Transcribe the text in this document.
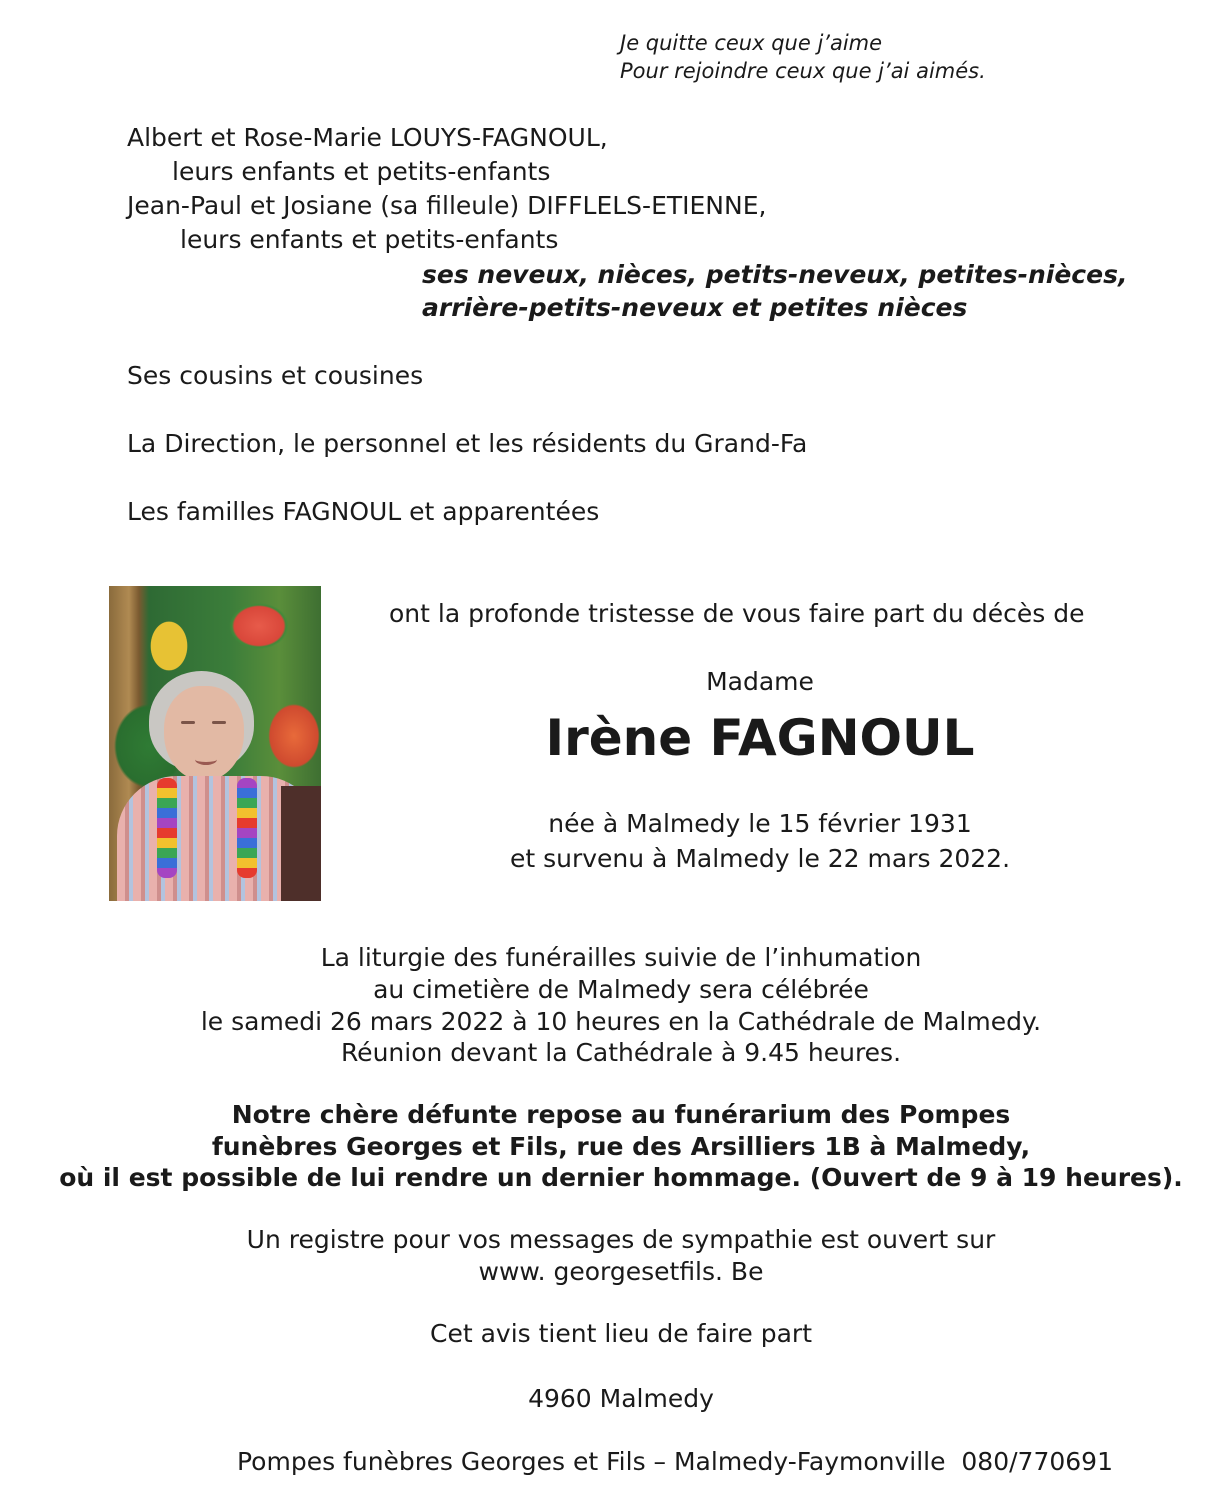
Je quitte ceux que j’aime
Pour rejoindre ceux que j’ai aimés.
Albert et Rose-Marie LOUYS-FAGNOUL,
leurs enfants et petits-enfants
Jean-Paul et Josiane (sa filleule) DIFFLELS-ETIENNE,
leurs enfants et petits-enfants
ses neveux, nièces, petits-neveux, petites-nièces,
arrière-petits-neveux et petites nièces
Ses cousins et cousines
La Direction, le personnel et les résidents du Grand-Fa
Les familles FAGNOUL et apparentées
ont la profonde tristesse de vous faire part du décès de
Madame
Irène FAGNOUL
née à Malmedy le 15 février 1931
et survenu à Malmedy le 22 mars 2022.
La liturgie des funérailles suivie de l’inhumation
au cimetière de Malmedy sera célébrée
le samedi 26 mars 2022 à 10 heures en la Cathédrale de Malmedy.
Réunion devant la Cathédrale à 9.45 heures.
Notre chère défunte repose au funérarium des Pompes
funèbres Georges et Fils, rue des Arsilliers 1B à Malmedy,
où il est possible de lui rendre un dernier hommage. (Ouvert de 9 à 19 heures).
Un registre pour vos messages de sympathie est ouvert sur
www. georgesetfils. Be
Cet avis tient lieu de faire part
4960 Malmedy
Pompes funèbres Georges et Fils – Malmedy-Faymonville  080/770691
